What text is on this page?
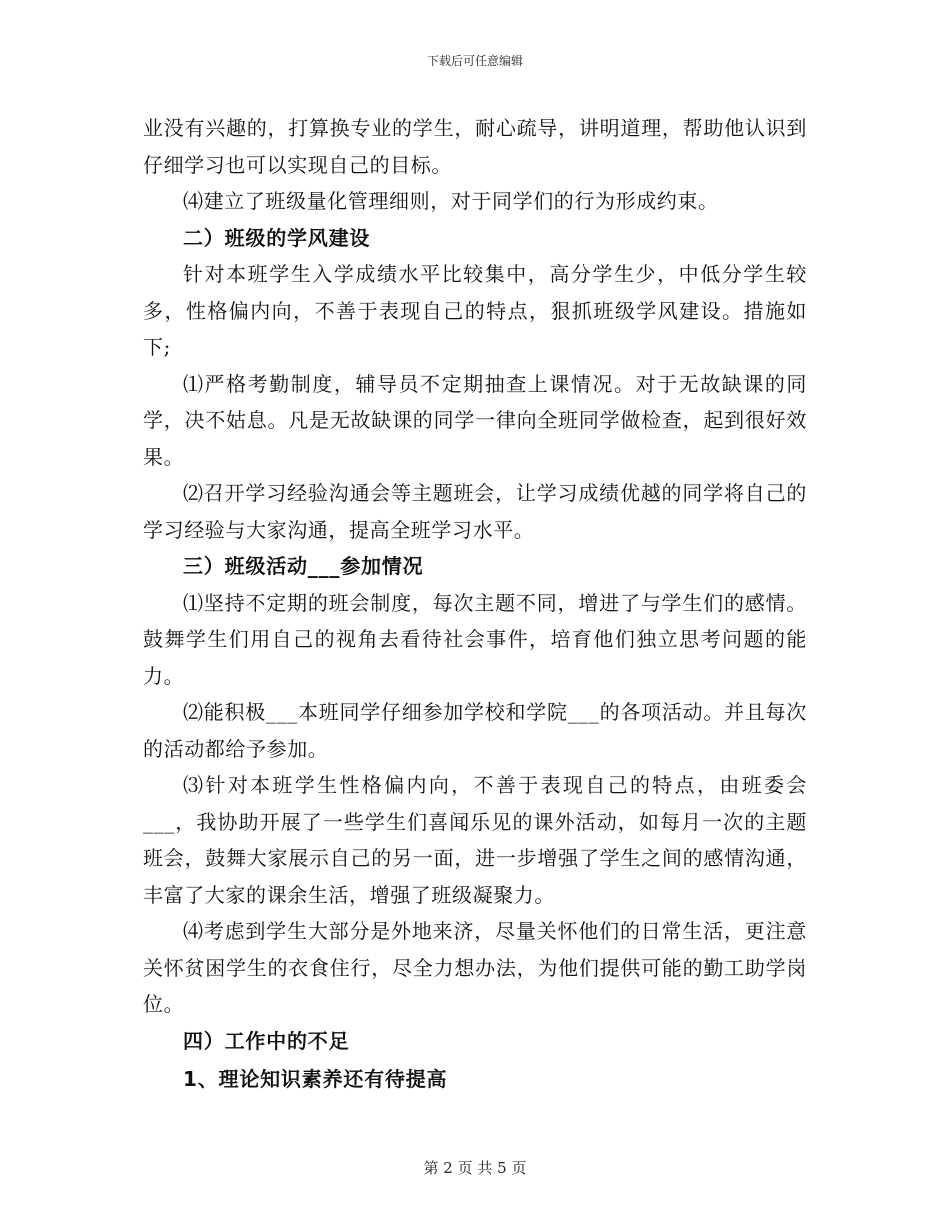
下载后可任意编辑

业没有兴趣的，打算换专业的学生，耐心疏导，讲明道理，帮助他认识到仔细学习也可以实现自己的目标。

⑷建立了班级量化管理细则，对于同学们的行为形成约束。

二）班级的学风建设

针对本班学生入学成绩水平比较集中，高分学生少，中低分学生较多，性格偏内向，不善于表现自己的特点，狠抓班级学风建设。措施如下;

⑴严格考勤制度，辅导员不定期抽查上课情况。对于无故缺课的同学，决不姑息。凡是无故缺课的同学一律向全班同学做检查，起到很好效果。

⑵召开学习经验沟通会等主题班会，让学习成绩优越的同学将自己的学习经验与大家沟通，提高全班学习水平。

三）班级活动___参加情况

⑴坚持不定期的班会制度，每次主题不同，增进了与学生们的感情。鼓舞学生们用自己的视角去看待社会事件，培育他们独立思考问题的能力。

⑵能积极___本班同学仔细参加学校和学院___的各项活动。并且每次的活动都给予参加。

⑶针对本班学生性格偏内向，不善于表现自己的特点，由班委会___，我协助开展了一些学生们喜闻乐见的课外活动，如每月一次的主题班会，鼓舞大家展示自己的另一面，进一步增强了学生之间的感情沟通，丰富了大家的课余生活，增强了班级凝聚力。

⑷考虑到学生大部分是外地来济，尽量关怀他们的日常生活，更注意关怀贫困学生的衣食住行，尽全力想办法，为他们提供可能的勤工助学岗位。

四）工作中的不足

1、理论知识素养还有待提高

第 2 页 共 5 页
